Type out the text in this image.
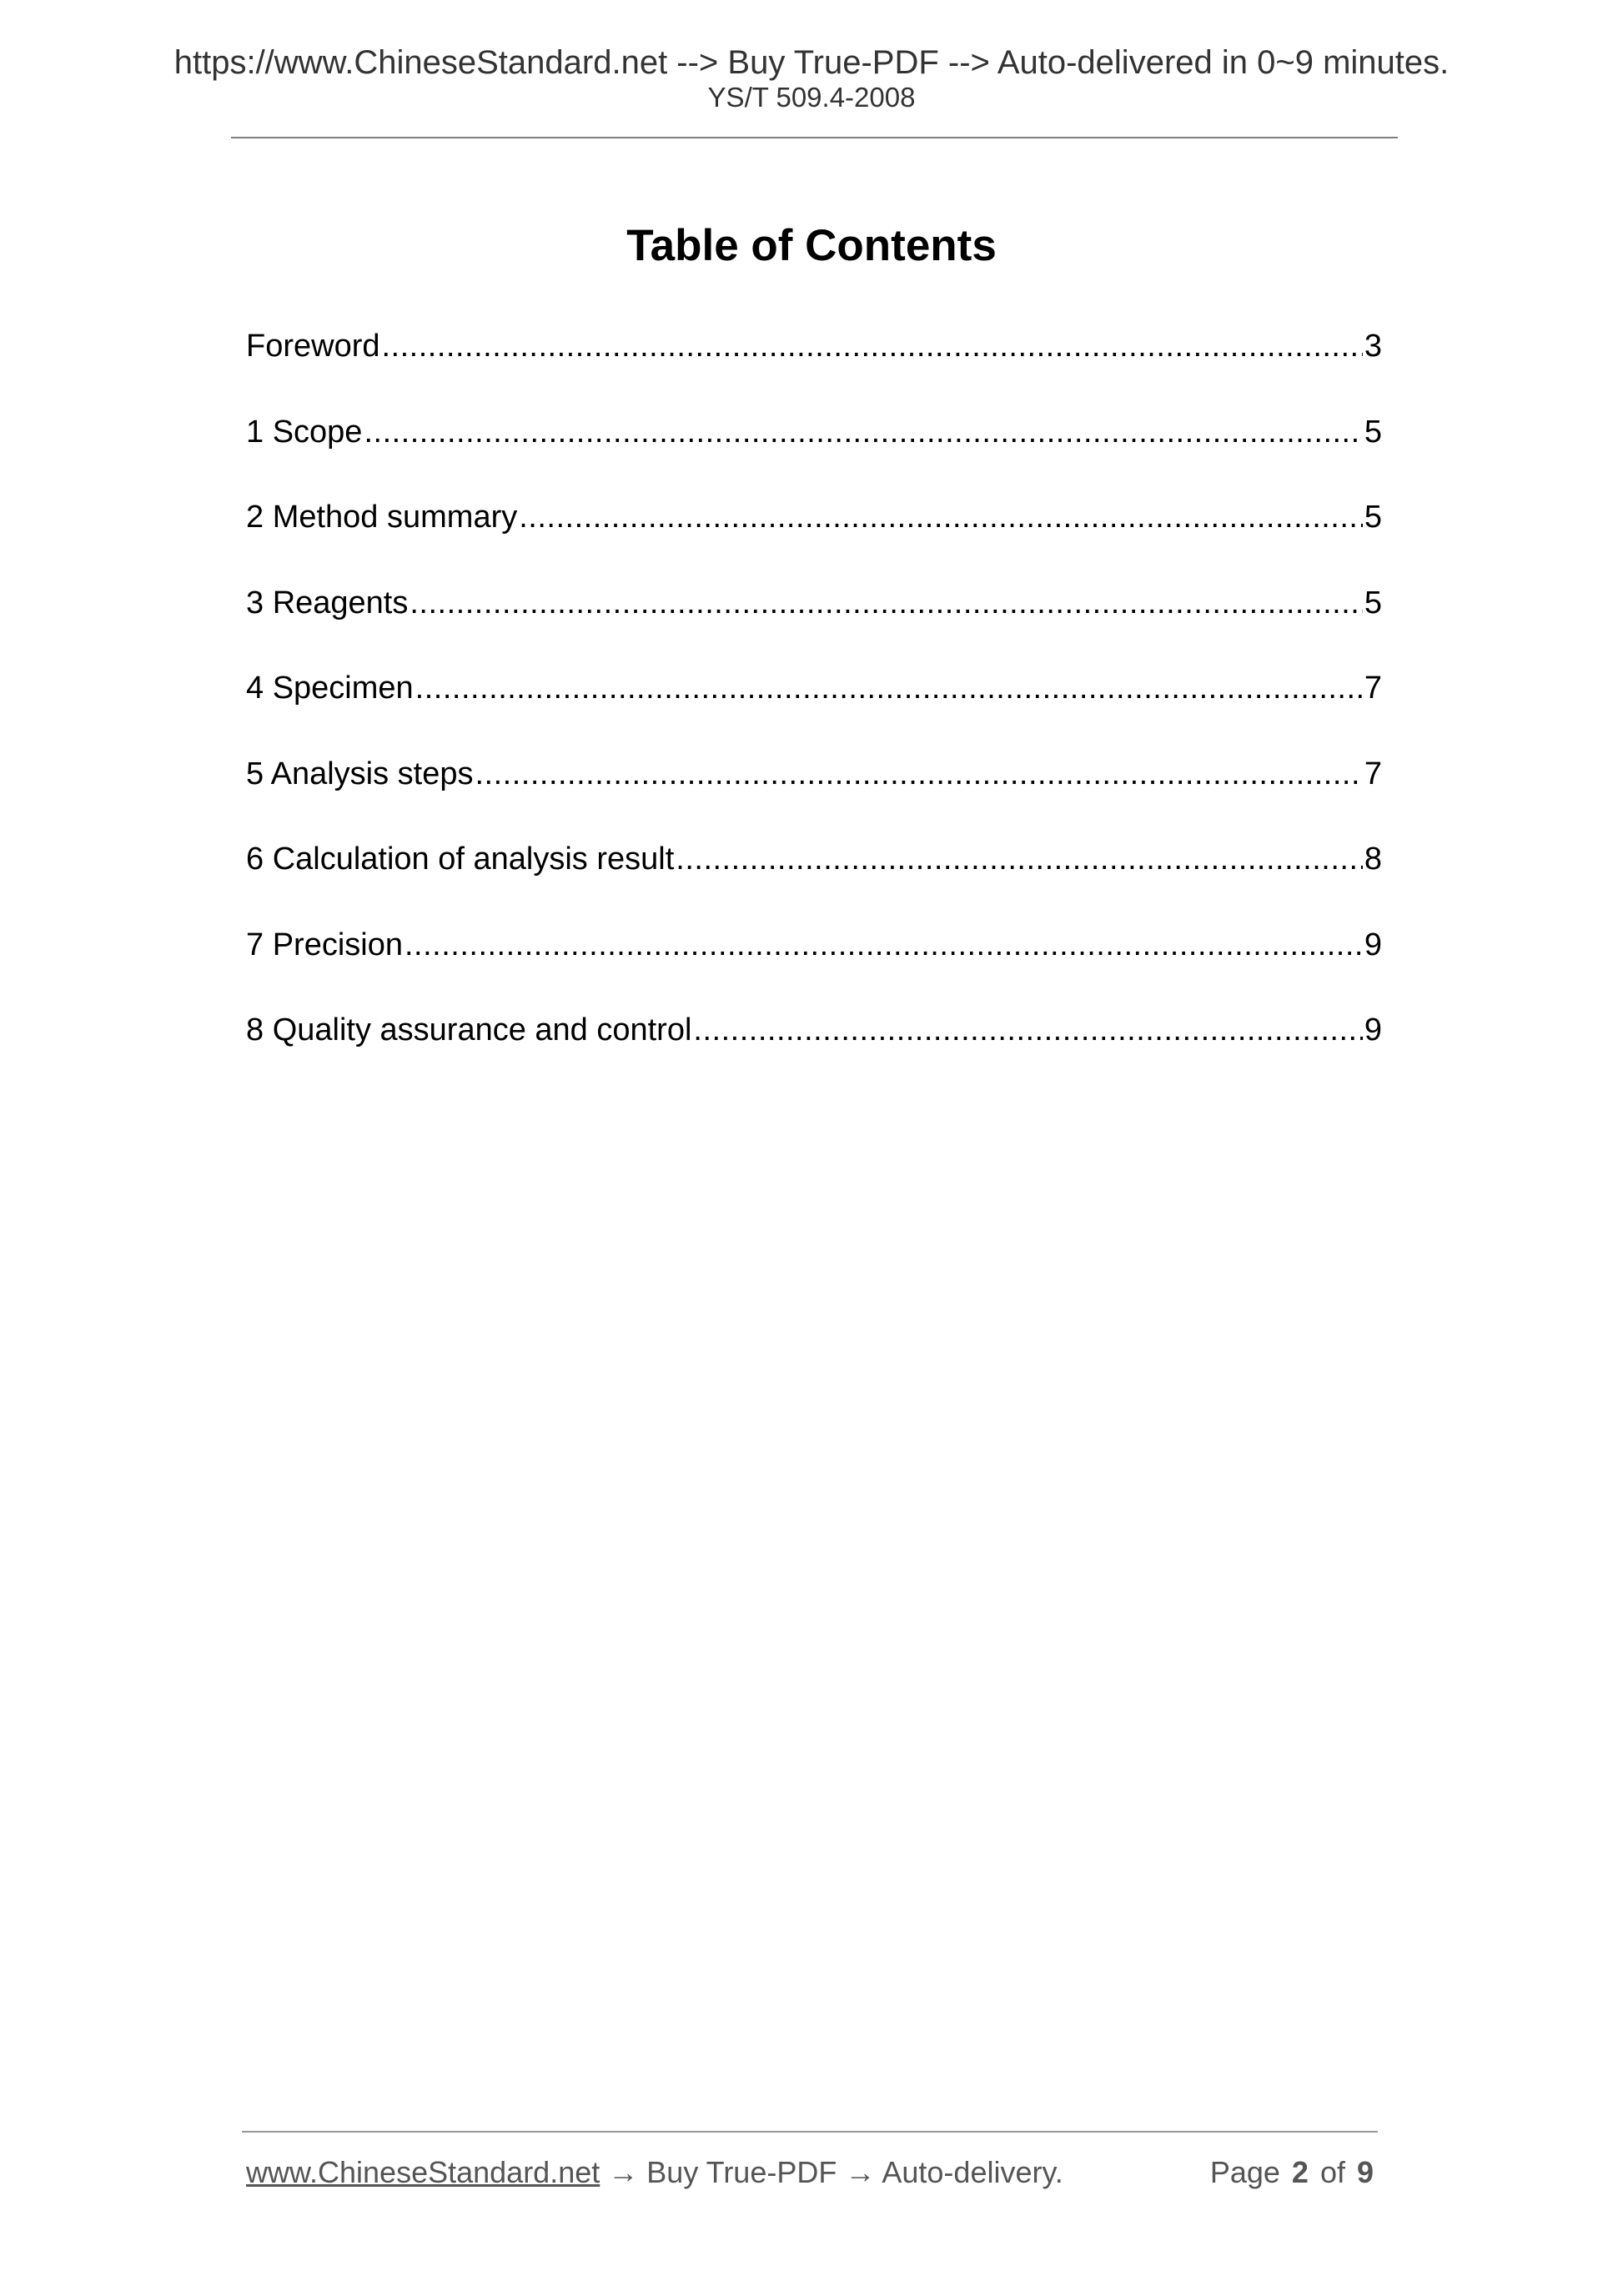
https://www.ChineseStandard.net --> Buy True-PDF --> Auto-delivered in 0~9 minutes.
YS/T 509.4-2008
Table of Contents
Foreword .....	3
1 Scope .....	5
2 Method summary .....	5
3 Reagents .....	5
4 Specimen .....	7
5 Analysis steps .....	7
6 Calculation of analysis result .....	8
7 Precision .....	9
8 Quality assurance and control .....	9
www.ChineseStandard.net → Buy True-PDF → Auto-delivery.	Page 2 of 9
